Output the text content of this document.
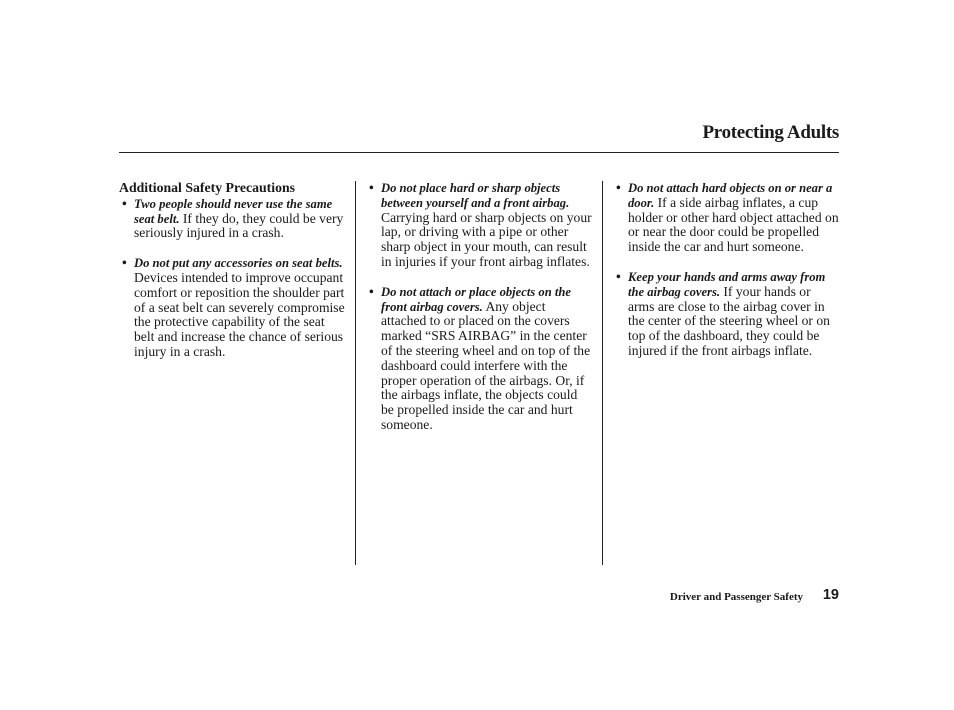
Protecting Adults
Additional Safety Precautions
• Two people should never use the same seat belt. If they do, they could be very seriously injured in a crash.
• Do not put any accessories on seat belts. Devices intended to improve occupant comfort or reposition the shoulder part of a seat belt can severely compromise the protective capability of the seat belt and increase the chance of serious injury in a crash.
• Do not place hard or sharp objects between yourself and a front airbag. Carrying hard or sharp objects on your lap, or driving with a pipe or other sharp object in your mouth, can result in injuries if your front airbag inflates.
• Do not attach or place objects on the front airbag covers. Any object attached to or placed on the covers marked “SRS AIRBAG” in the center of the steering wheel and on top of the dashboard could interfere with the proper operation of the airbags. Or, if the airbags inflate, the objects could be propelled inside the car and hurt someone.
• Do not attach hard objects on or near a door. If a side airbag inflates, a cup holder or other hard object attached on or near the door could be propelled inside the car and hurt someone.
• Keep your hands and arms away from the airbag covers. If your hands or arms are close to the airbag cover in the center of the steering wheel or on top of the dashboard, they could be injured if the front airbags inflate.
Driver and Passenger Safety 19
